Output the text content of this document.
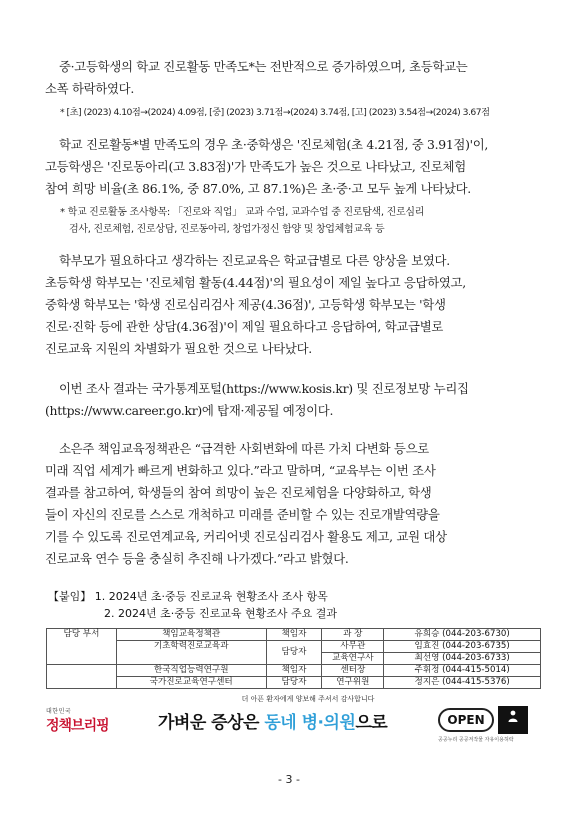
중·고등학생의 학교 진로활동 만족도*는 전반적으로 증가하였으며, 초등학교는
소폭 하락하였다.
* [초] (2023) 4.10점→(2024) 4.09점, [중] (2023) 3.71점→(2024) 3.74점, [고] (2023) 3.54점→(2024) 3.67점
학교 진로활동*별 만족도의 경우 초·중학생은 '진로체험(초 4.21점, 중 3.91점)'이,
고등학생은 '진로동아리(고 3.83점)'가 만족도가 높은 것으로 나타났고, 진로체험
참여 희망 비율(초 86.1%, 중 87.0%, 고 87.1%)은 초·중·고 모두 높게 나타났다.
* 학교 진로활동 조사항목: 「진로와 직업」 교과 수업, 교과수업 중 진로탐색, 진로심리
검사, 진로체험, 진로상담, 진로동아리, 창업가정신 함양 및 창업체험교육 등
학부모가 필요하다고 생각하는 진로교육은 학교급별로 다른 양상을 보였다.
초등학생 학부모는 '진로체험 활동(4.44점)'의 필요성이 제일 높다고 응답하였고,
중학생 학부모는 '학생 진로심리검사 제공(4.36점)', 고등학생 학부모는 '학생
진로·진학 등에 관한 상담(4.36점)'이 제일 필요하다고 응답하여, 학교급별로
진로교육 지원의 차별화가 필요한 것으로 나타났다.
이번 조사 결과는 국가통계포털(https://www.kosis.kr) 및 진로정보망 누리집
(https://www.career.go.kr)에 탑재·제공될 예정이다.
소은주 책임교육정책관은 “급격한 사회변화에 따른 가치 다변화 등으로
미래 직업 세계가 빠르게 변화하고 있다.”라고 말하며, “교육부는 이번 조사
결과를 참고하여, 학생들의 참여 희망이 높은 진로체험을 다양화하고, 학생
들이 자신의 진로를 스스로 개척하고 미래를 준비할 수 있는 진로개발역량을
기를 수 있도록 진로연계교육, 커리어넷 진로심리검사 활용도 제고, 교원 대상
진로교육 연수 등을 충실히 추진해 나가겠다.”라고 밝혔다.
【붙임】 1. 2024년 초·중등 진로교육 현황조사 조사 항목
2. 2024년 초·중등 진로교육 현황조사 주요 결과
담당 부서	책임교육정책관	책임자	과 장	유희승 (044-203-6730)
	기초학력진로교육과	담당자	사무관	임효진 (044-203-6735)
			교육연구사	최선영 (044-203-6733)
	한국직업능력연구원	책임자	센터장	주휘정 (044-415-5014)
	국가진로교육연구센터	담당자	연구위원	정지은 (044-415-5376)
대한민국
정책브리핑
더 아픈 환자에게 양보해 주셔서 감사합니다
가벼운 증상은 동네 병·의원으로	OPEN
공공누리 공공저작물 자유이용허락
- 3 -
